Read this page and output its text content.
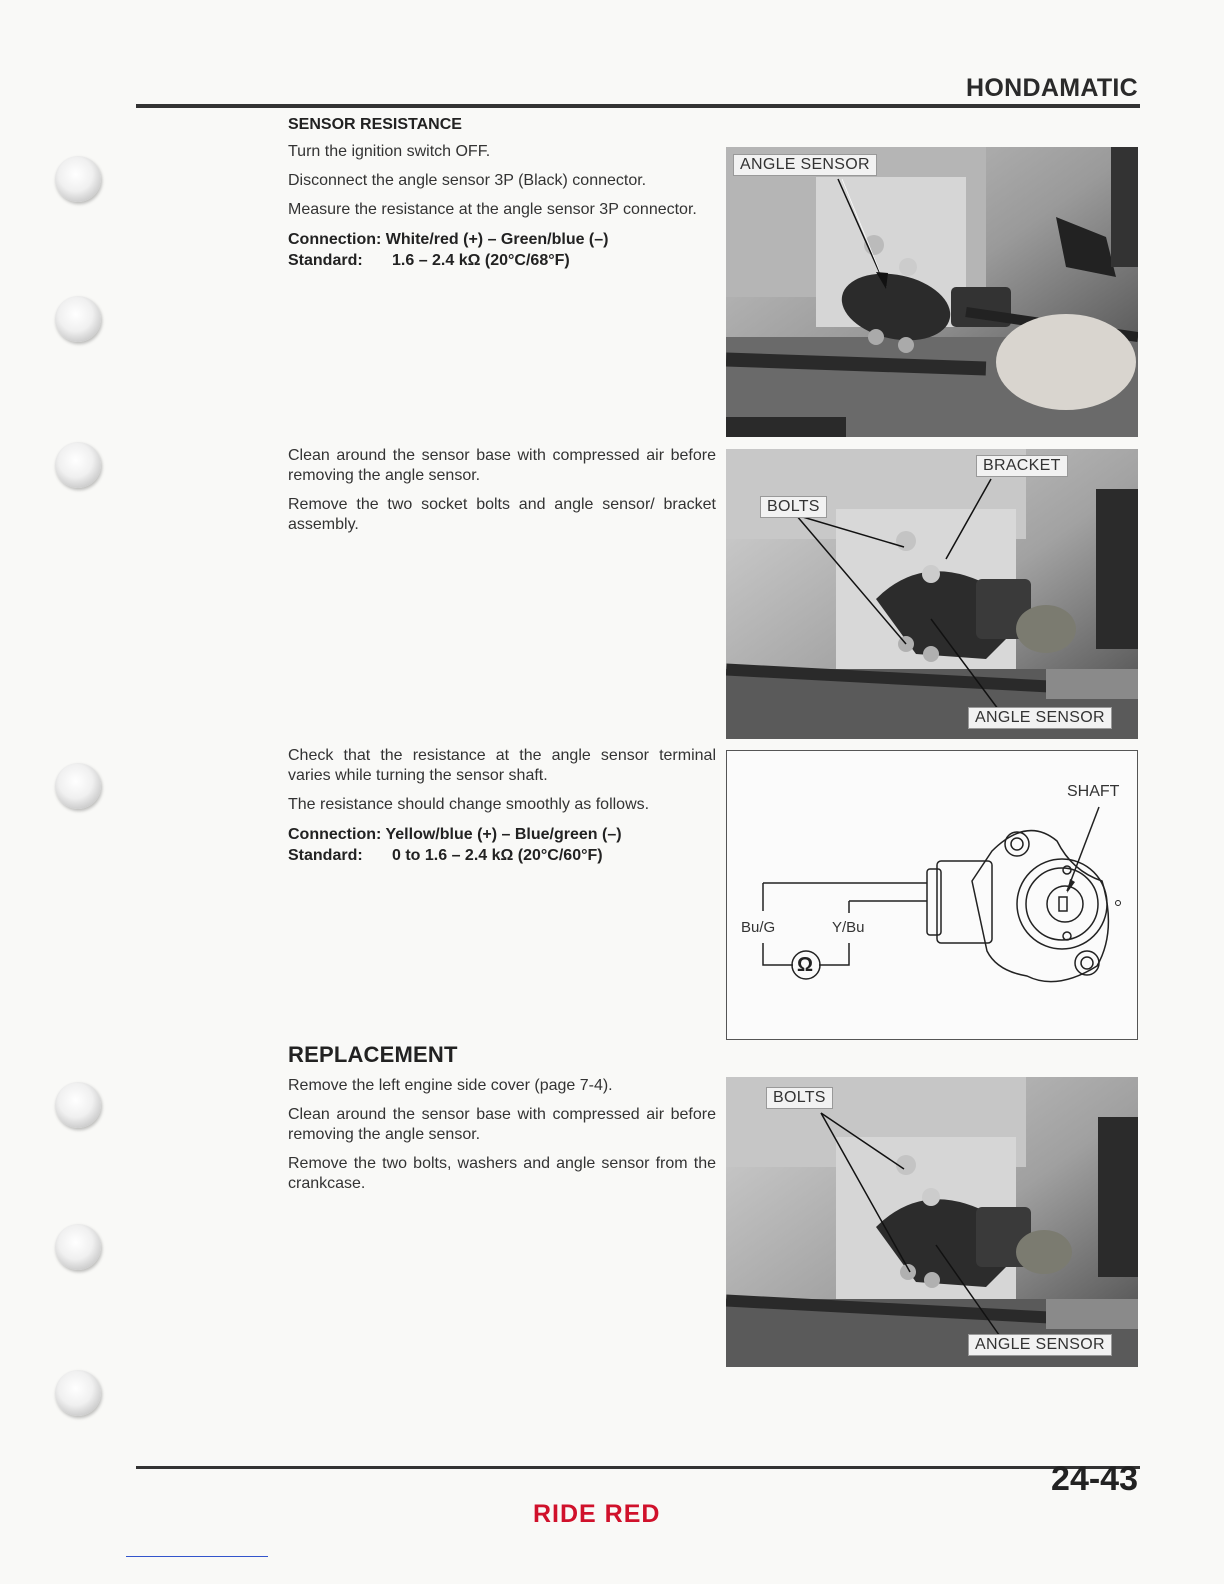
HONDAMATIC
SENSOR RESISTANCE

Turn the ignition switch OFF.

Disconnect the angle sensor 3P (Black) connector.

Measure the resistance at the angle sensor 3P connector.

Connection: White/red (+) – Green/blue (–)

Standard: 1.6 – 2.4 kΩ (20°C/68°F)

Clean around the sensor base with compressed air before removing the angle sensor.

Remove the two socket bolts and angle sensor/ bracket assembly.

Check that the resistance at the angle sensor terminal varies while turning the sensor shaft.

The resistance should change smoothly as follows.

Connection: Yellow/blue (+) – Blue/green (–)

Standard: 0 to 1.6 – 2.4 kΩ (20°C/60°F)

REPLACEMENT

Remove the left engine side cover (page 7-4).

Clean around the sensor base with compressed air before removing the angle sensor.

Remove the two bolts, washers and angle sensor from the crankcase.

ANGLE SENSOR
BRACKET
BOLTS
ANGLE SENSOR
SHAFT
Bu/G	Y/Bu
Ω
BOLTS
ANGLE SENSOR
24-43
RIDE RED
